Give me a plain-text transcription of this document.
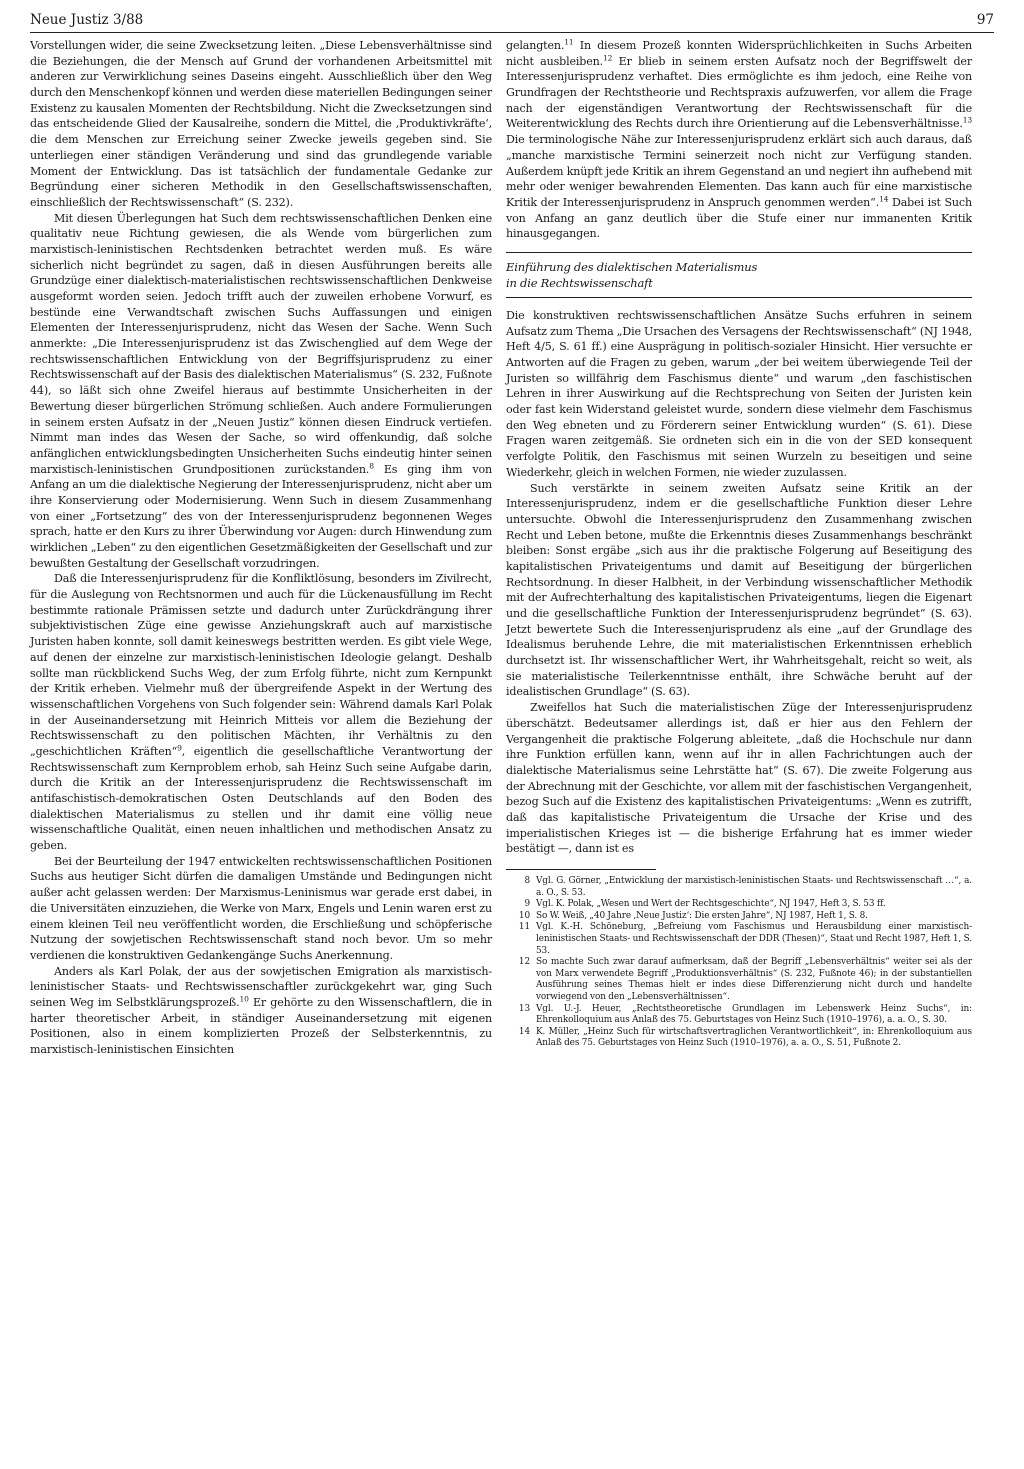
Neue Justiz 3/88	97

Vorstellungen wider, die seine Zwecksetzung leiten. „Diese Lebensverhältnisse sind die Beziehungen, die der Mensch auf Grund der vorhandenen Arbeitsmittel mit anderen zur Verwirklichung seines Daseins eingeht. Ausschließlich über den Weg durch den Menschenkopf können und werden diese materiellen Bedingungen seiner Existenz zu kausalen Momenten der Rechtsbildung. Nicht die Zwecksetzungen sind das entscheidende Glied der Kausalreihe, sondern die Mittel, die ‚Produktivkräfte‘, die dem Menschen zur Erreichung seiner Zwecke jeweils gegeben sind. Sie unterliegen einer ständigen Veränderung und sind das grundlegende variable Moment der Entwicklung. Das ist tatsächlich der fundamentale Gedanke zur Begründung einer sicheren Methodik in den Gesellschaftswissenschaften, einschließlich der Rechtswissenschaft“ (S. 232).

Mit diesen Überlegungen hat Such dem rechtswissenschaftlichen Denken eine qualitativ neue Richtung gewiesen, die als Wende vom bürgerlichen zum marxistisch-leninistischen Rechtsdenken betrachtet werden muß. Es wäre sicherlich nicht begründet zu sagen, daß in diesen Ausführungen bereits alle Grundzüge einer dialektisch-materialistischen rechtswissenschaftlichen Denkweise ausgeformt worden seien. Jedoch trifft auch der zuweilen erhobene Vorwurf, es bestünde eine Verwandtschaft zwischen Suchs Auffassungen und einigen Elementen der Interessenjurisprudenz, nicht das Wesen der Sache. Wenn Such anmerkte: „Die Interessenjurisprudenz ist das Zwischenglied auf dem Wege der rechtswissenschaftlichen Entwicklung von der Begriffsjurisprudenz zu einer Rechtswissenschaft auf der Basis des dialektischen Materialismus“ (S. 232, Fußnote 44), so läßt sich ohne Zweifel hieraus auf bestimmte Unsicherheiten in der Bewertung dieser bürgerlichen Strömung schließen. Auch andere Formulierungen in seinem ersten Aufsatz in der „Neuen Justiz“ können diesen Eindruck vertiefen. Nimmt man indes das Wesen der Sache, so wird offenkundig, daß solche anfänglichen entwicklungsbedingten Unsicherheiten Suchs eindeutig hinter seinen marxistisch-leninistischen Grundpositionen zurückstanden.$^8$ Es ging ihm von Anfang an um die dialektische Negierung der Interessenjurisprudenz, nicht aber um ihre Konservierung oder Modernisierung. Wenn Such in diesem Zusammenhang von einer „Fortsetzung“ des von der Interessenjurisprudenz begonnenen Weges sprach, hatte er den Kurs zu ihrer Überwindung vor Augen: durch Hinwendung zum wirklichen „Leben“ zu den eigentlichen Gesetzmäßigkeiten der Gesellschaft und zur bewußten Gestaltung der Gesellschaft vorzudringen.

Daß die Interessenjurisprudenz für die Konfliktlösung, besonders im Zivilrecht, für die Auslegung von Rechtsnormen und auch für die Lückenausfüllung im Recht bestimmte rationale Prämissen setzte und dadurch unter Zurückdrängung ihrer subjektivistischen Züge eine gewisse Anziehungskraft auch auf marxistische Juristen haben konnte, soll damit keineswegs bestritten werden. Es gibt viele Wege, auf denen der einzelne zur marxistisch-leninistischen Ideologie gelangt. Deshalb sollte man rückblickend Suchs Weg, der zum Erfolg führte, nicht zum Kernpunkt der Kritik erheben. Vielmehr muß der übergreifende Aspekt in der Wertung des wissenschaftlichen Vorgehens von Such folgender sein: Während damals Karl Polak in der Auseinandersetzung mit Heinrich Mitteis vor allem die Beziehung der Rechtswissenschaft zu den politischen Mächten, ihr Verhältnis zu den „geschichtlichen Kräften“$^9$, eigentlich die gesellschaftliche Verantwortung der Rechtswissenschaft zum Kernproblem erhob, sah Heinz Such seine Aufgabe darin, durch die Kritik an der Interessenjurisprudenz die Rechtswissenschaft im antifaschistisch-demokratischen Osten Deutschlands auf den Boden des dialektischen Materialismus zu stellen und ihr damit eine völlig neue wissenschaftliche Qualität, einen neuen inhaltlichen und methodischen Ansatz zu geben.

Bei der Beurteilung der 1947 entwickelten rechtswissenschaftlichen Positionen Suchs aus heutiger Sicht dürfen die damaligen Umstände und Bedingungen nicht außer acht gelassen werden: Der Marxismus-Leninismus war gerade erst dabei, in die Universitäten einzuziehen, die Werke von Marx, Engels und Lenin waren erst zu einem kleinen Teil neu veröffentlicht worden, die Erschließung und schöpferische Nutzung der sowjetischen Rechtswissenschaft stand noch bevor. Um so mehr verdienen die konstruktiven Gedankengänge Suchs Anerkennung.

Anders als Karl Polak, der aus der sowjetischen Emigration als marxistisch-leninistischer Staats- und Rechtswissenschaftler zurückgekehrt war, ging Such seinen Weg im Selbstklärungsprozeß.$^{10}$ Er gehörte zu den Wissenschaftlern, die in harter theoretischer Arbeit, in ständiger Auseinandersetzung mit eigenen Positionen, also in einem komplizierten Prozeß der Selbsterkenntnis, zu marxistisch-leninistischen Einsichten

gelangten.$^{11}$ In diesem Prozeß konnten Widersprüchlichkeiten in Suchs Arbeiten nicht ausbleiben.$^{12}$ Er blieb in seinem ersten Aufsatz noch der Begriffswelt der Interessenjurisprudenz verhaftet. Dies ermöglichte es ihm jedoch, eine Reihe von Grundfragen der Rechtstheorie und Rechtspraxis aufzuwerfen, vor allem die Frage nach der eigenständigen Verantwortung der Rechtswissenschaft für die Weiterentwicklung des Rechts durch ihre Orientierung auf die Lebensverhältnisse.$^{13}$ Die terminologische Nähe zur Interessenjurisprudenz erklärt sich auch daraus, daß „manche marxistische Termini seinerzeit noch nicht zur Verfügung standen. Außerdem knüpft jede Kritik an ihrem Gegenstand an und negiert ihn aufhebend mit mehr oder weniger bewahrenden Elementen. Das kann auch für eine marxistische Kritik der Interessenjurisprudenz in Anspruch genommen werden“.$^{14}$ Dabei ist Such von Anfang an ganz deutlich über die Stufe einer nur immanenten Kritik hinausgegangen.

Einführung des dialektischen Materialismus
in die Rechtswissenschaft

Die konstruktiven rechtswissenschaftlichen Ansätze Suchs erfuhren in seinem Aufsatz zum Thema „Die Ursachen des Versagens der Rechtswissenschaft“ (NJ 1948, Heft 4/5, S. 61 ff.) eine Ausprägung in politisch-sozialer Hinsicht. Hier versuchte er Antworten auf die Fragen zu geben, warum „der bei weitem überwiegende Teil der Juristen so willfährig dem Faschismus diente“ und warum „den faschistischen Lehren in ihrer Auswirkung auf die Rechtsprechung von Seiten der Juristen kein oder fast kein Widerstand geleistet wurde, sondern diese vielmehr dem Faschismus den Weg ebneten und zu Förderern seiner Entwicklung wurden“ (S. 61). Diese Fragen waren zeitgemäß. Sie ordneten sich ein in die von der SED konsequent verfolgte Politik, den Faschismus mit seinen Wurzeln zu beseitigen und seine Wiederkehr, gleich in welchen Formen, nie wieder zuzulassen.

Such verstärkte in seinem zweiten Aufsatz seine Kritik an der Interessenjurisprudenz, indem er die gesellschaftliche Funktion dieser Lehre untersuchte. Obwohl die Interessenjurisprudenz den Zusammenhang zwischen Recht und Leben betone, mußte die Erkenntnis dieses Zusammenhangs beschränkt bleiben: Sonst ergäbe „sich aus ihr die praktische Folgerung auf Beseitigung des kapitalistischen Privateigentums und damit auf Beseitigung der bürgerlichen Rechtsordnung. In dieser Halbheit, in der Verbindung wissenschaftlicher Methodik mit der Aufrechterhaltung des kapitalistischen Privateigentums, liegen die Eigenart und die gesellschaftliche Funktion der Interessenjurisprudenz begründet“ (S. 63). Jetzt bewertete Such die Interessenjurisprudenz als eine „auf der Grundlage des Idealismus beruhende Lehre, die mit materialistischen Erkenntnissen erheblich durchsetzt ist. Ihr wissenschaftlicher Wert, ihr Wahrheitsgehalt, reicht so weit, als sie materialistische Teilerkenntnisse enthält, ihre Schwäche beruht auf der idealistischen Grundlage“ (S. 63).

Zweifellos hat Such die materialistischen Züge der Interessenjurisprudenz überschätzt. Bedeutsamer allerdings ist, daß er hier aus den Fehlern der Vergangenheit die praktische Folgerung ableitete, „daß die Hochschule nur dann ihre Funktion erfüllen kann, wenn auf ihr in allen Fachrichtungen auch der dialektische Materialismus seine Lehrstätte hat“ (S. 67). Die zweite Folgerung aus der Abrechnung mit der Geschichte, vor allem mit der faschistischen Vergangenheit, bezog Such auf die Existenz des kapitalistischen Privateigentums: „Wenn es zutrifft, daß das kapitalistische Privateigentum die Ursache der Krise und des imperialistischen Krieges ist — die bisherige Erfahrung hat es immer wieder bestätigt —, dann ist es

8 Vgl. G. Görner, „Entwicklung der marxistisch-leninistischen Staats- und Rechtswissenschaft …“, a. a. O., S. 53.

9 Vgl. K. Polak, „Wesen und Wert der Rechtsgeschichte“, NJ 1947, Heft 3, S. 53 ff.

10 So W. Weiß, „40 Jahre ‚Neue Justiz‘: Die ersten Jahre“, NJ 1987, Heft 1, S. 8.

11 Vgl. K.-H. Schöneburg, „Befreiung vom Faschismus und Herausbildung einer marxistisch-leninistischen Staats- und Rechtswissenschaft der DDR (Thesen)“, Staat und Recht 1987, Heft 1, S. 53.

12 So machte Such zwar darauf aufmerksam, daß der Begriff „Lebensverhältnis“ weiter sei als der von Marx verwendete Begriff „Produktionsverhältnis“ (S. 232, Fußnote 46); in der substantiellen Ausführung seines Themas hielt er indes diese Differenzierung nicht durch und handelte vorwiegend von den „Lebensverhältnissen“.

13 Vgl. U.-J. Heuer, „Rechtstheoretische Grundlagen im Lebenswerk Heinz Suchs“, in: Ehrenkolloquium aus Anlaß des 75. Geburtstages von Heinz Such (1910–1976), a. a. O., S. 30.

14 K. Müller, „Heinz Such für wirtschaftsvertraglichen Verantwortlichkeit“, in: Ehrenkolloquium aus Anlaß des 75. Geburtstages von Heinz Such (1910–1976), a. a. O., S. 51, Fußnote 2.
